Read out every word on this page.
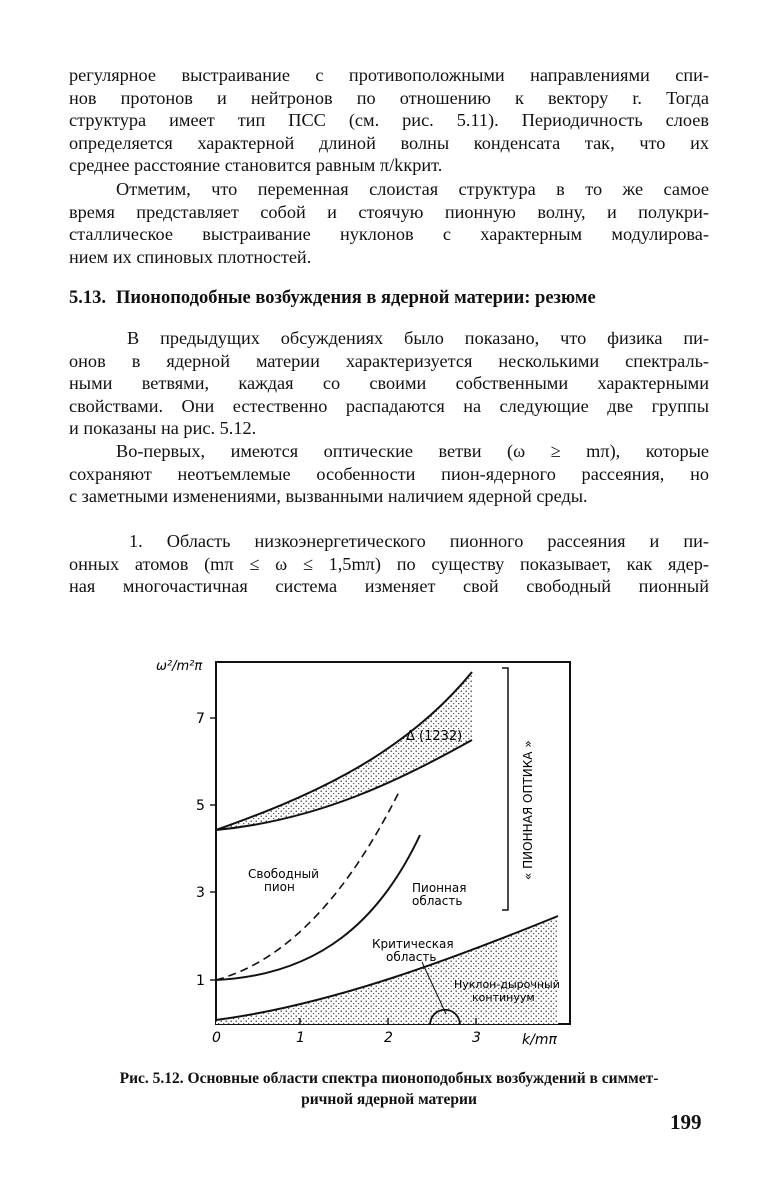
регулярное выстраивание с противоположными направлениями спи-
нов протонов и нейтронов по отношению к вектору r. Тогда
структура имеет тип ПСС (см. рис. 5.11). Периодичность слоев
определяется характерной длиной волны конденсата так, что их
среднее расстояние становится равным π/kкрит.

Отметим, что переменная слоистая структура в то же самое
время представляет собой и стоячую пионную волну, и полукри-
сталлическое выстраивание нуклонов с характерным модулирова-
нием их спиновых плотностей.

5.13. Пионоподобные возбуждения в ядерной материи: резюме

В предыдущих обсуждениях было показано, что физика пи-
онов в ядерной материи характеризуется несколькими спектраль-
ными ветвями, каждая со своими собственными характерными
свойствами. Они естественно распадаются на следующие две группы
и показаны на рис. 5.12.

Во-первых, имеются оптические ветви (ω ≥ mπ), которые
сохраняют неотъемлемые особенности пион-ядерного рассеяния, но
с заметными изменениями, вызванными наличием ядерной среды.

1. Область низкоэнергетического пионного рассеяния и пи-
онных атомов (mπ ≤ ω ≤ 1,5mπ) по существу показывает, как ядер-
ная многочастичная система изменяет свой свободный пионный

ω²/m²π
k/mπ
7
5
3
1
0	1	2	3
Δ (1232)
Свободный
пион	Пионная
область
Критическая
область
Нуклон-дырочный
континуум
« ПИОННАЯ ОПТИКА »

Рис. 5.12. Основные области спектра пионоподобных возбуждений в симмет-
ричной ядерной материи

199
